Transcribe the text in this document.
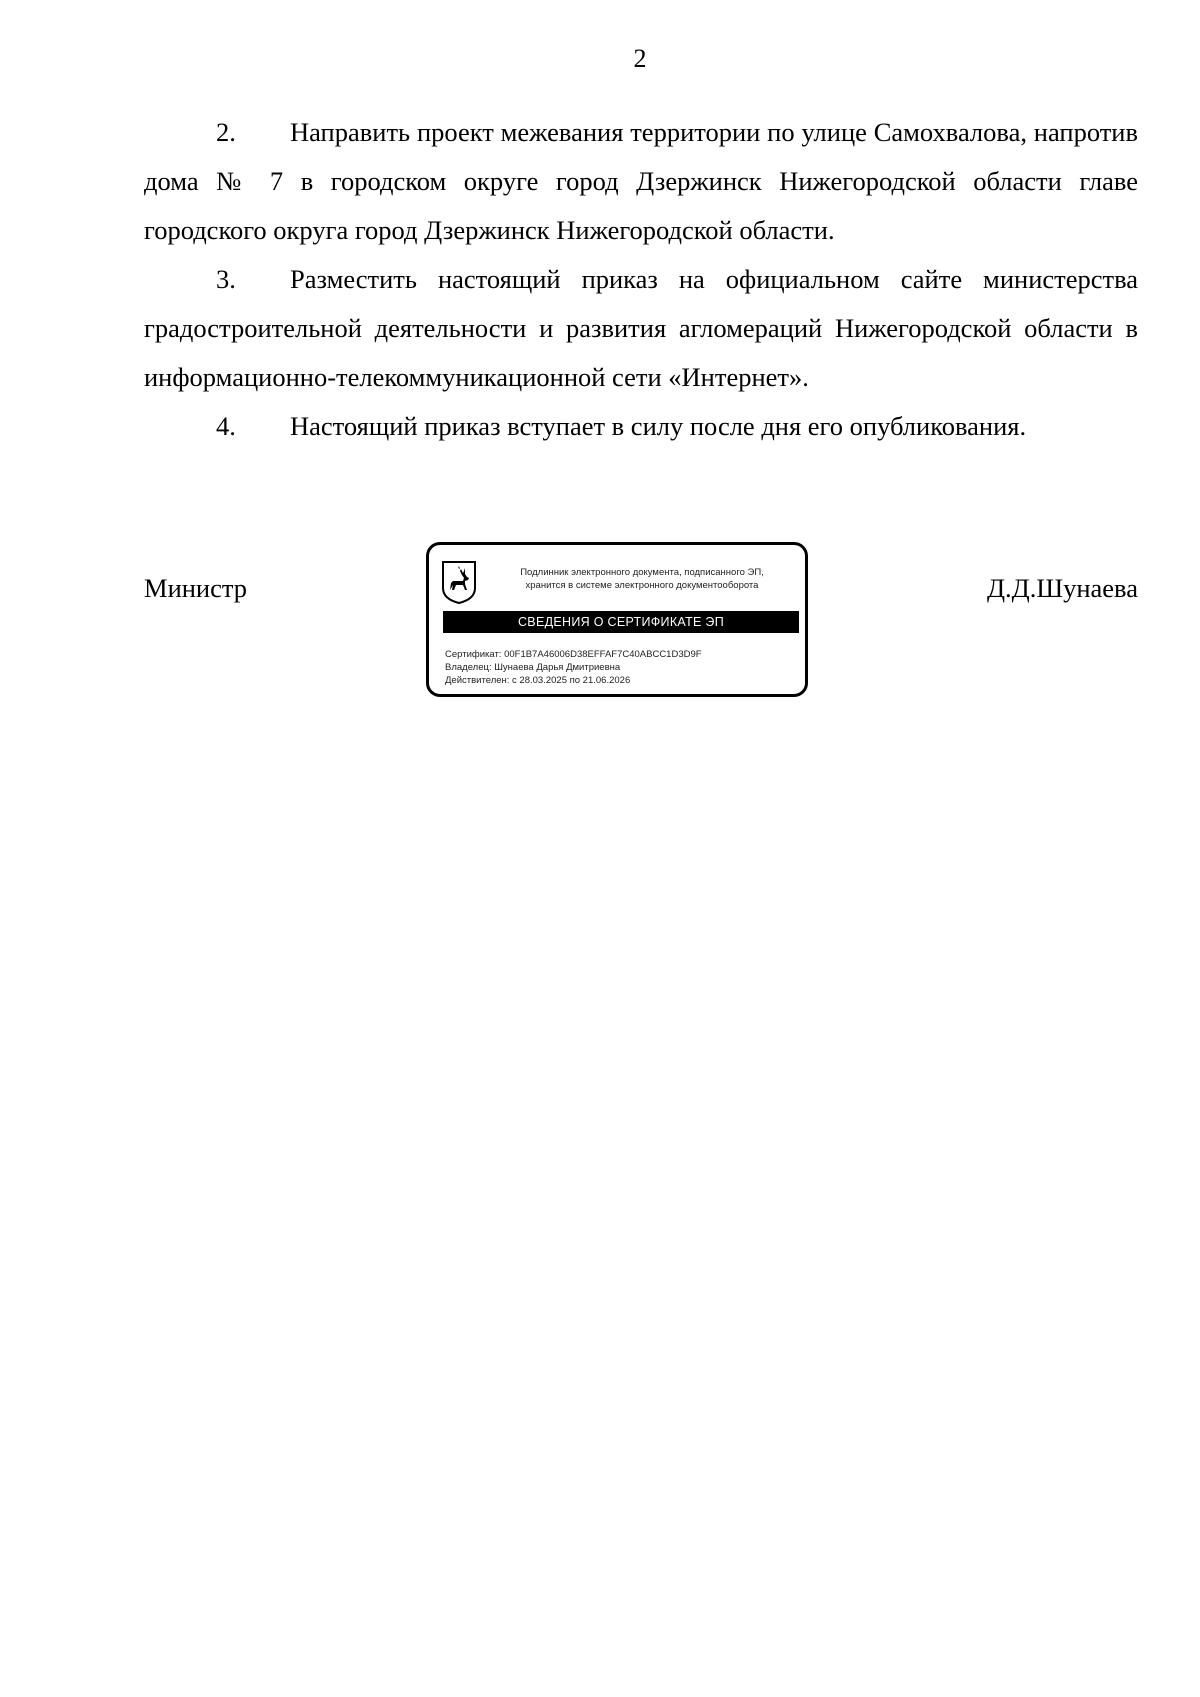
2

2. Направить проект межевания территории по улице Самохвалова, напротив дома № 7 в городском округе город Дзержинск Нижегородской области главе городского округа город Дзержинск Нижегородской области.

3. Разместить настоящий приказ на официальном сайте министерства градостроительной деятельности и развития агломераций Нижегородской области в информационно-телекоммуникационной сети «Интернет».

4. Настоящий приказ вступает в силу после дня его опубликования.

Министр	Д.Д.Шунаева
Подлинник электронного документа, подписанного ЭП,
хранится в системе электронного документооборота
СВЕДЕНИЯ О СЕРТИФИКАТЕ ЭП
Сертификат: 00F1B7A46006D38EFFAF7C40ABCC1D3D9F
Владелец: Шунаева Дарья Дмитриевна
Действителен: с 28.03.2025 по 21.06.2026
